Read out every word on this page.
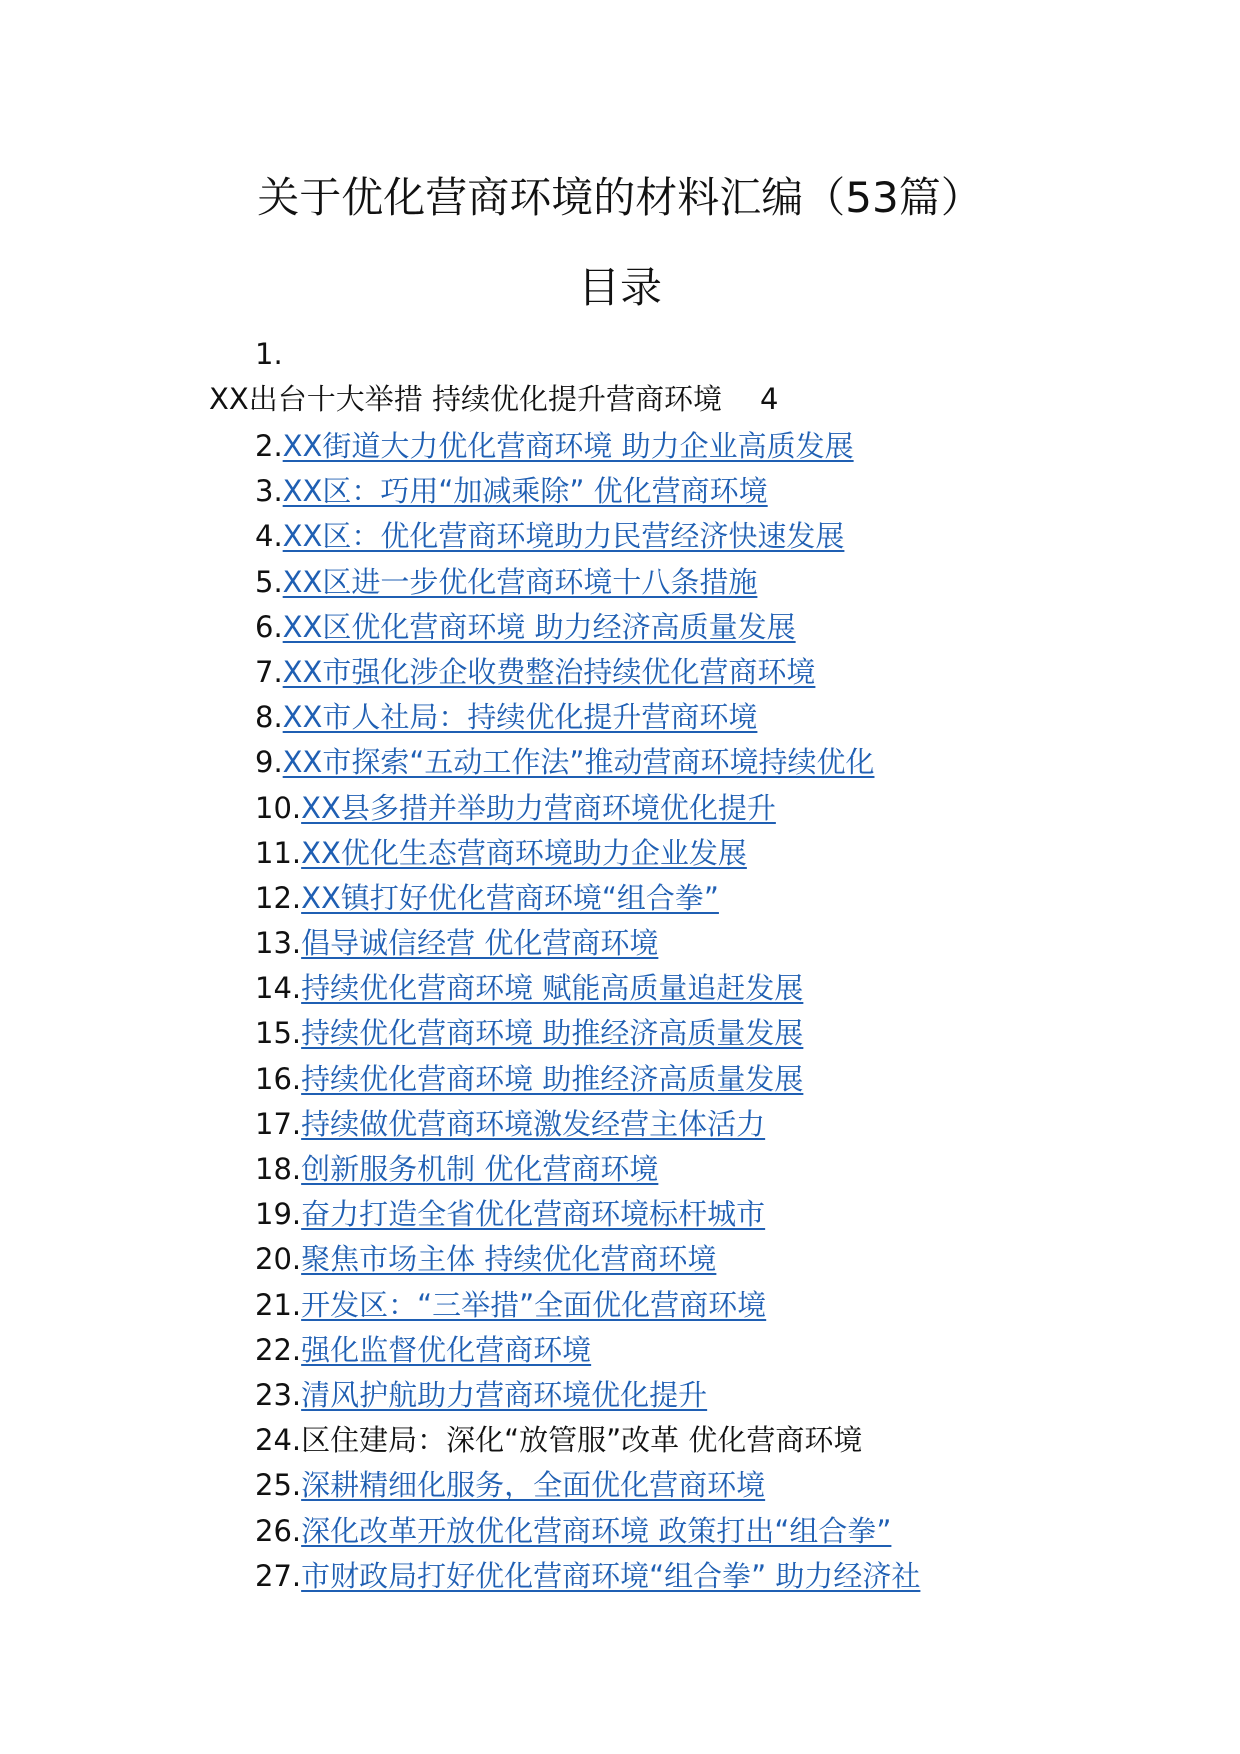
关于优化营商环境的材料汇编（53篇）
目录
1.
XX出台十大举措 持续优化提升营商环境 4
2.XX街道大力优化营商环境 助力企业高质发展
3.XX区：巧用“加减乘除” 优化营商环境
4.XX区：优化营商环境助力民营经济快速发展
5.XX区进一步优化营商环境十八条措施
6.XX区优化营商环境 助力经济高质量发展
7.XX市强化涉企收费整治持续优化营商环境
8.XX市人社局：持续优化提升营商环境
9.XX市探索“五动工作法”推动营商环境持续优化
10.XX县多措并举助力营商环境优化提升
11.XX优化生态营商环境助力企业发展
12.XX镇打好优化营商环境“组合拳”
13.倡导诚信经营 优化营商环境
14.持续优化营商环境 赋能高质量追赶发展
15.持续优化营商环境 助推经济高质量发展
16.持续优化营商环境 助推经济高质量发展
17.持续做优营商环境激发经营主体活力
18.创新服务机制 优化营商环境
19.奋力打造全省优化营商环境标杆城市
20.聚焦市场主体 持续优化营商环境
21.开发区：“三举措”全面优化营商环境
22.强化监督优化营商环境
23.清风护航助力营商环境优化提升
24.区住建局：深化“放管服”改革 优化营商环境
25.深耕精细化服务，全面优化营商环境
26.深化改革开放优化营商环境 政策打出“组合拳”
27.市财政局打好优化营商环境“组合拳” 助力经济社
